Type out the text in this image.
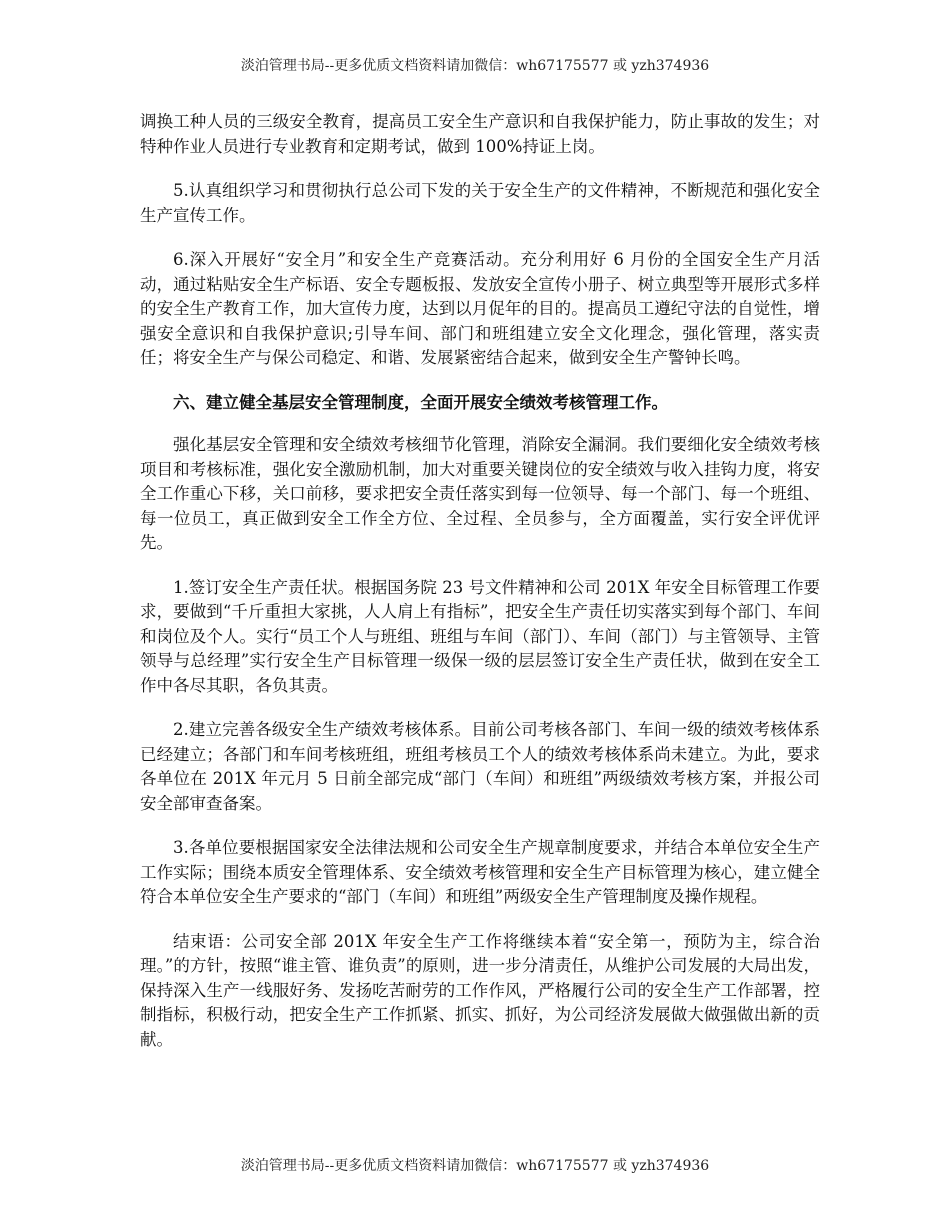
淡泊管理书局--更多优质文档资料请加微信：wh67175577 或 yzh374936

调换工种人员的三级安全教育，提高员工安全生产意识和自我保护能力，防止事故的发生；对特种作业人员进行专业教育和定期考试，做到 100%持证上岗。

5.认真组织学习和贯彻执行总公司下发的关于安全生产的文件精神，不断规范和强化安全生产宣传工作。

6.深入开展好“安全月”和安全生产竞赛活动。充分利用好 6 月份的全国安全生产月活动，通过粘贴安全生产标语、安全专题板报、发放安全宣传小册子、树立典型等开展形式多样的安全生产教育工作，加大宣传力度，达到以月促年的目的。提高员工遵纪守法的自觉性，增强安全意识和自我保护意识;引导车间、部门和班组建立安全文化理念，强化管理，落实责任；将安全生产与保公司稳定、和谐、发展紧密结合起来，做到安全生产警钟长鸣。

六、建立健全基层安全管理制度，全面开展安全绩效考核管理工作。

强化基层安全管理和安全绩效考核细节化管理，消除安全漏洞。我们要细化安全绩效考核项目和考核标准，强化安全激励机制，加大对重要关键岗位的安全绩效与收入挂钩力度，将安全工作重心下移，关口前移，要求把安全责任落实到每一位领导、每一个部门、每一个班组、每一位员工，真正做到安全工作全方位、全过程、全员参与，全方面覆盖，实行安全评优评先。

1.签订安全生产责任状。根据国务院 23 号文件精神和公司 201X 年安全目标管理工作要求，要做到“千斤重担大家挑，人人肩上有指标”，把安全生产责任切实落实到每个部门、车间和岗位及个人。实行“员工个人与班组、班组与车间（部门）、车间（部门）与主管领导、主管领导与总经理”实行安全生产目标管理一级保一级的层层签订安全生产责任状，做到在安全工作中各尽其职，各负其责。

2.建立完善各级安全生产绩效考核体系。目前公司考核各部门、车间一级的绩效考核体系已经建立；各部门和车间考核班组，班组考核员工个人的绩效考核体系尚未建立。为此，要求各单位在 201X 年元月 5 日前全部完成“部门（车间）和班组”两级绩效考核方案，并报公司安全部审查备案。

3.各单位要根据国家安全法律法规和公司安全生产规章制度要求，并结合本单位安全生产工作实际；围绕本质安全管理体系、安全绩效考核管理和安全生产目标管理为核心，建立健全符合本单位安全生产要求的“部门（车间）和班组”两级安全生产管理制度及操作规程。

结束语：公司安全部 201X 年安全生产工作将继续本着“安全第一，预防为主，综合治理。”的方针，按照“谁主管、谁负责”的原则，进一步分清责任，从维护公司发展的大局出发，保持深入生产一线服好务、发扬吃苦耐劳的工作作风，严格履行公司的安全生产工作部署，控制指标，积极行动，把安全生产工作抓紧、抓实、抓好，为公司经济发展做大做强做出新的贡献。

淡泊管理书局--更多优质文档资料请加微信：wh67175577 或 yzh374936
